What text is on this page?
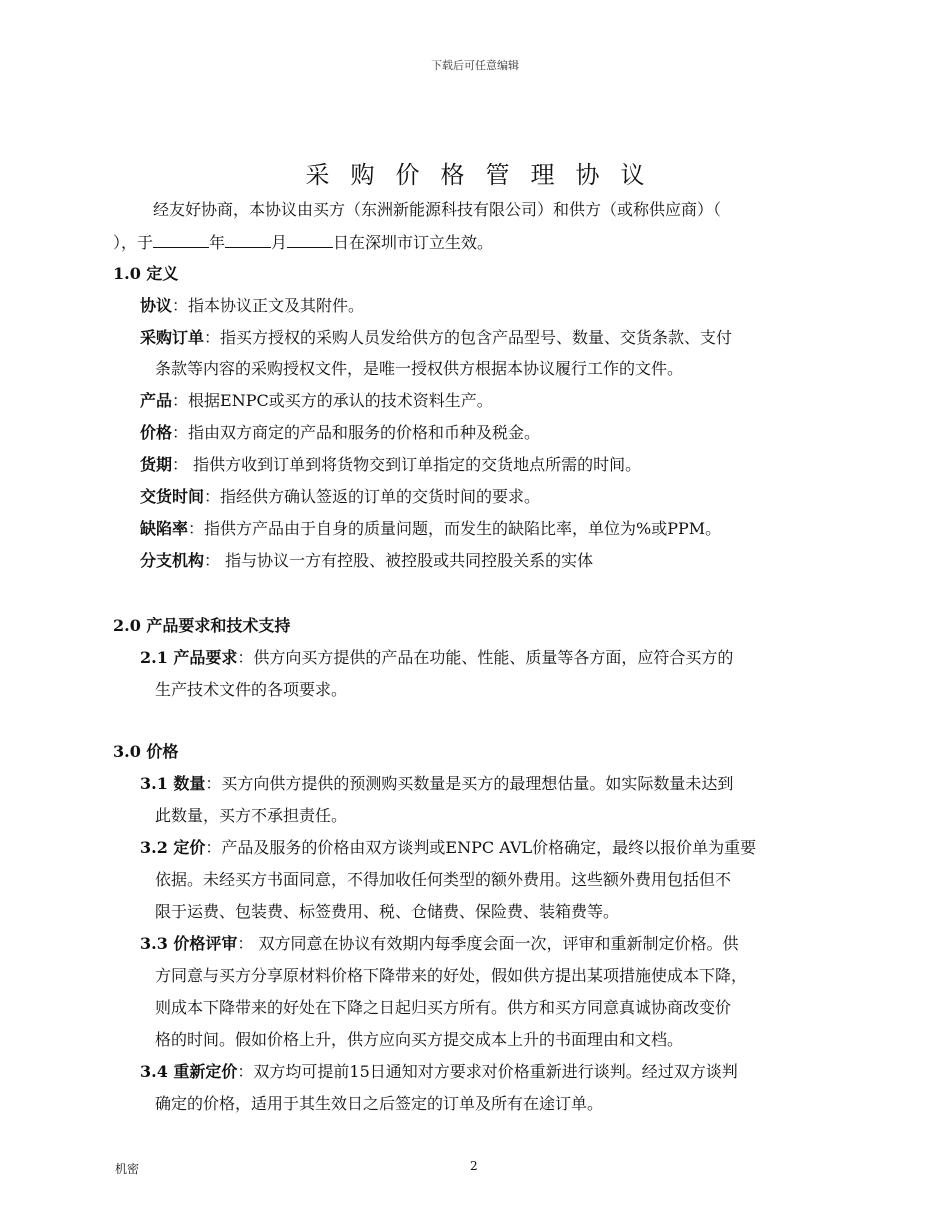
下载后可任意编辑
采购价格管理协议
经友好协商，本协议由买方（东洲新能源科技有限公司）和供方（或称供应商）（
），于	年	月	日在深圳市订立生效。
1.0 定义
协议：指本协议正文及其附件。
采购订单：指买方授权的采购人员发给供方的包含产品型号、数量、交货条款、支付
条款等内容的采购授权文件，是唯一授权供方根据本协议履行工作的文件。
产品：根据ENPC或买方的承认的技术资料生产。
价格：指由双方商定的产品和服务的价格和币种及税金。
货期： 指供方收到订单到将货物交到订单指定的交货地点所需的时间。
交货时间：指经供方确认签返的订单的交货时间的要求。
缺陷率：指供方产品由于自身的质量问题，而发生的缺陷比率，单位为%或PPM。
分支机构： 指与协议一方有控股、被控股或共同控股关系的实体
2.0 产品要求和技术支持
2.1 产品要求：供方向买方提供的产品在功能、性能、质量等各方面，应符合买方的
生产技术文件的各项要求。
3.0 价格
3.1 数量：买方向供方提供的预测购买数量是买方的最理想估量。如实际数量未达到
此数量，买方不承担责任。
3.2 定价：产品及服务的价格由双方谈判或ENPC AVL价格确定，最终以报价单为重要
依据。未经买方书面同意，不得加收任何类型的额外费用。这些额外费用包括但不
限于运费、包装费、标签费用、税、仓储费、保险费、装箱费等。
3.3 价格评审： 双方同意在协议有效期内每季度会面一次，评审和重新制定价格。供
方同意与买方分享原材料价格下降带来的好处，假如供方提出某项措施使成本下降，
则成本下降带来的好处在下降之日起归买方所有。供方和买方同意真诚协商改变价
格的时间。假如价格上升，供方应向买方提交成本上升的书面理由和文档。
3.4 重新定价：双方均可提前15日通知对方要求对价格重新进行谈判。经过双方谈判
确定的价格，适用于其生效日之后签定的订单及所有在途订单。
机密	2
